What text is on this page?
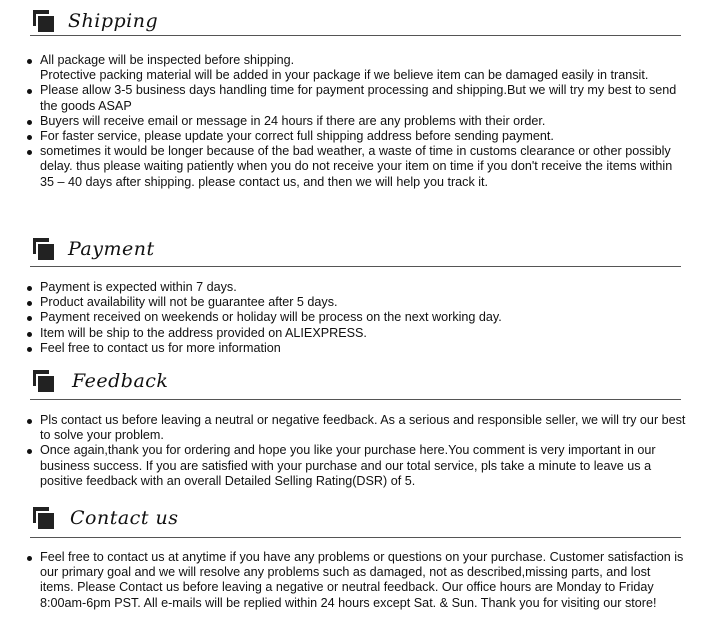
Shipping
All package will be inspected before shipping.
Protective packing material will be added in your package if we believe item can be damaged easily in transit.
Please allow 3-5 business days handling time for payment processing and shipping.But we will try my best to send the goods ASAP
Buyers will receive email or message in 24 hours if there are any problems with their order.
For faster service, please update your correct full shipping address before sending payment.
sometimes it would be longer because of the bad weather, a waste of time in customs clearance or other possibly delay. thus please waiting patiently when you do not receive your item on time if you don't receive the items within 35 – 40 days after shipping. please contact us, and then we will help you track it.
Payment
Payment is expected within 7 days.
Product availability will not be guarantee after 5 days.
Payment received on weekends or holiday will be process on the next working day.
Item will be ship to the address provided on ALIEXPRESS.
Feel free to contact us for more information
Feedback
Pls contact us before leaving a neutral or negative feedback. As a serious and responsible seller, we will try our best to solve your problem.
Once again,thank you for ordering and hope you like your purchase here.You comment is very important in our business success. If you are satisfied with your purchase and our total service, pls take a minute to leave us a positive feedback with an overall Detailed Selling Rating(DSR) of 5.
Contact us
Feel free to contact us at anytime if you have any problems or questions on your purchase. Customer satisfaction is our primary goal and we will resolve any problems such as damaged, not as described,missing parts, and lost items. Please Contact us before leaving a negative or neutral feedback. Our office hours are Monday to Friday 8:00am-6pm PST. All e-mails will be replied within 24 hours except Sat. & Sun. Thank you for visiting our store!
